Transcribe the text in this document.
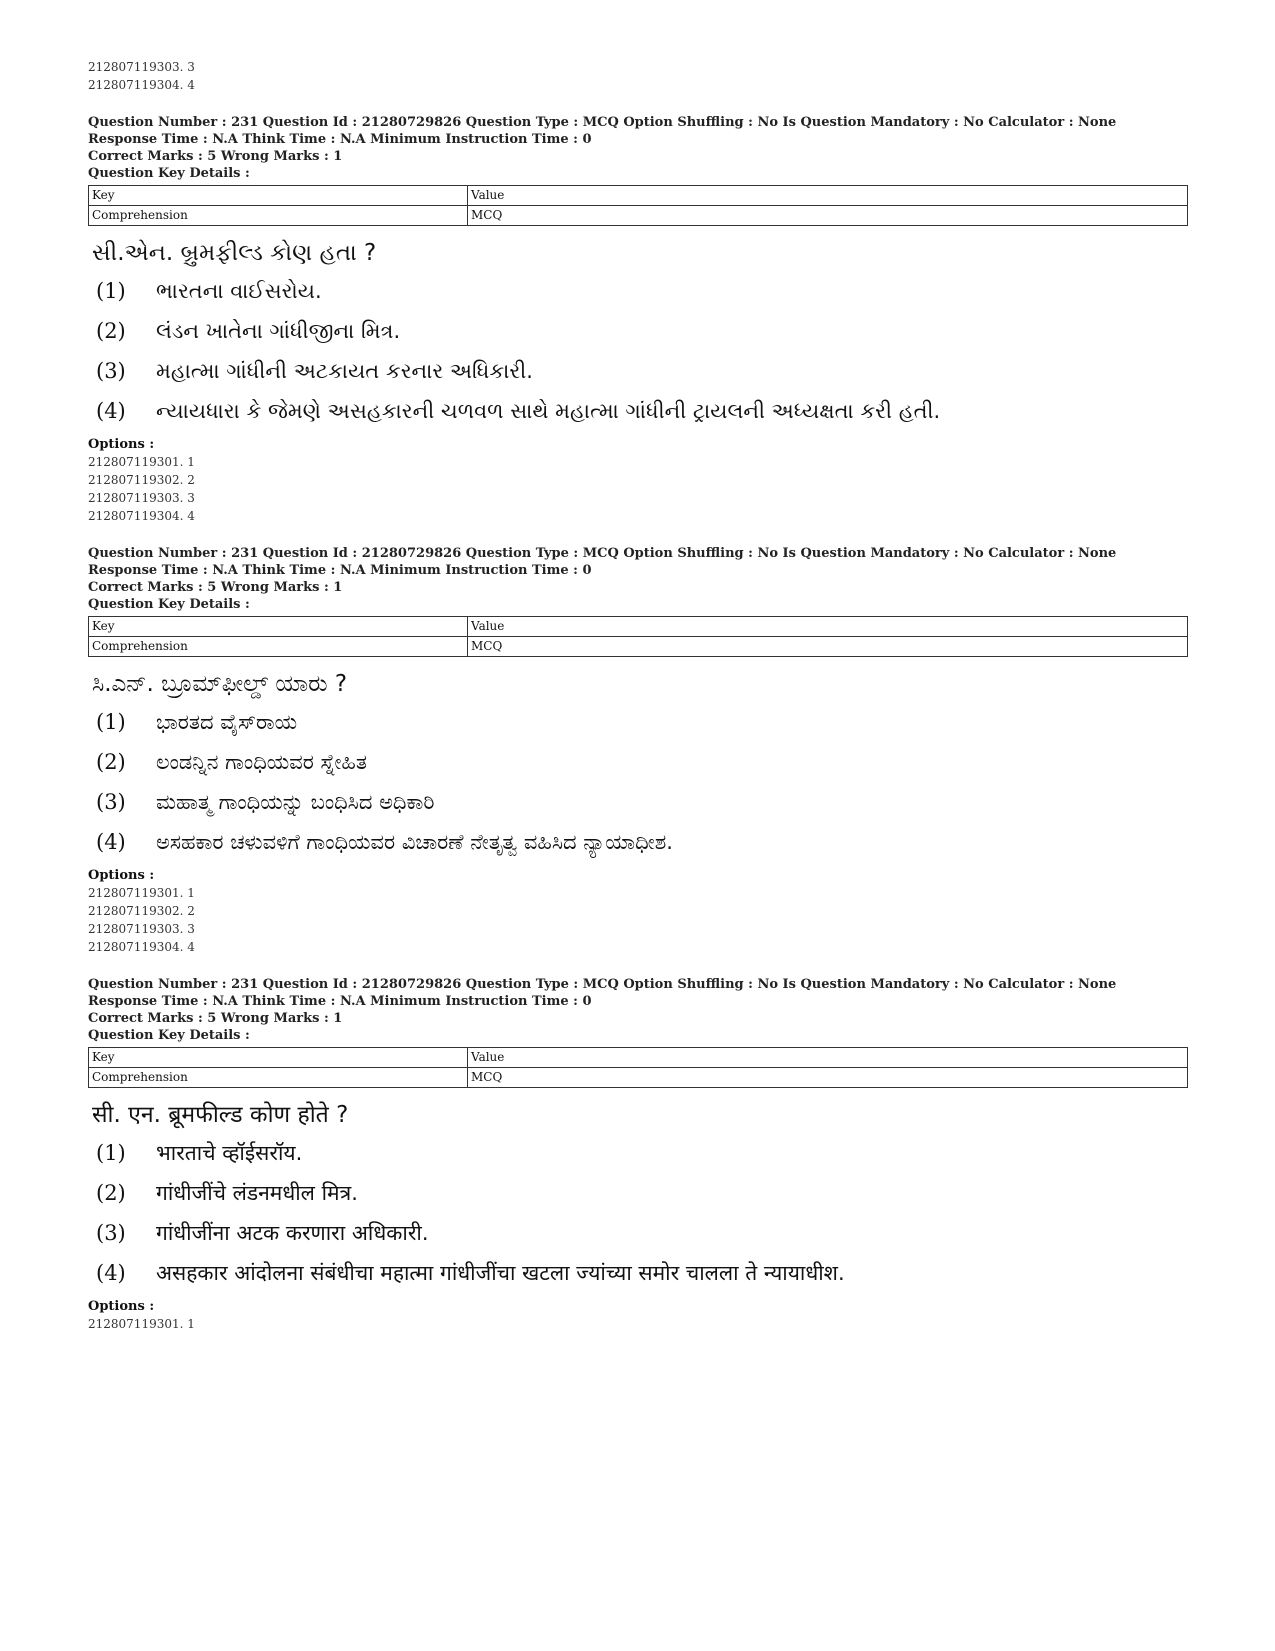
212807119303. 3
212807119304. 4
Question Number : 231 Question Id : 21280729826 Question Type : MCQ Option Shuffling : No Is Question Mandatory : No Calculator : None
Response Time : N.A Think Time : N.A Minimum Instruction Time : 0
Correct Marks : 5 Wrong Marks : 1
Question Key Details :
Key	Value
Comprehension	MCQ
સી.એન. બ્રુમફીલ્ડ કોણ હતા ?
(1)	ભારતના વાઈસરોય.
(2)	લંડન ખાતેના ગાંધીજીના મિત્ર.
(3)	મહાત્મા ગાંધીની અટકાયત કરનાર અધિકારી.
(4)	ન્યાયધારા કે જેમણે અસહકારની ચળવળ સાથે મહાત્મા ગાંધીની ટ્રાયલની અધ્યક્ષતા કરી હતી.
Options :
212807119301. 1
212807119302. 2
212807119303. 3
212807119304. 4
Question Number : 231 Question Id : 21280729826 Question Type : MCQ Option Shuffling : No Is Question Mandatory : No Calculator : None
Response Time : N.A Think Time : N.A Minimum Instruction Time : 0
Correct Marks : 5 Wrong Marks : 1
Question Key Details :
Key	Value
Comprehension	MCQ
ಸಿ.ಎನ್. ಬ್ರೂಮ್‌ಫೀಲ್ಡ್ ಯಾರು ?
(1)	ಭಾರತದ ವೈಸ್‌ರಾಯ
(2)	ಲಂಡನ್ನಿನ ಗಾಂಧಿಯವರ ಸ್ನೇಹಿತ
(3)	ಮಹಾತ್ಮ ಗಾಂಧಿಯನ್ನು ಬಂಧಿಸಿದ ಅಧಿಕಾರಿ
(4)	ಅಸಹಕಾರ ಚಳುವಳಿಗೆ ಗಾಂಧಿಯವರ ವಿಚಾರಣೆ ನೇತೃತ್ವ ವಹಿಸಿದ ನ್ಯಾಯಾಧೀಶ.
Options :
212807119301. 1
212807119302. 2
212807119303. 3
212807119304. 4
Question Number : 231 Question Id : 21280729826 Question Type : MCQ Option Shuffling : No Is Question Mandatory : No Calculator : None
Response Time : N.A Think Time : N.A Minimum Instruction Time : 0
Correct Marks : 5 Wrong Marks : 1
Question Key Details :
Key	Value
Comprehension	MCQ
सी. एन. ब्रूमफील्ड कोण होते ?
(1)	भारताचे व्हॉईसरॉय.
(2)	गांधीजींचे लंडनमधील मित्र.
(3)	गांधीजींना अटक करणारा अधिकारी.
(4)	असहकार आंदोलना संबंधीचा महात्मा गांधीजींचा खटला ज्यांच्या समोर चालला ते न्यायाधीश.
Options :
212807119301. 1
